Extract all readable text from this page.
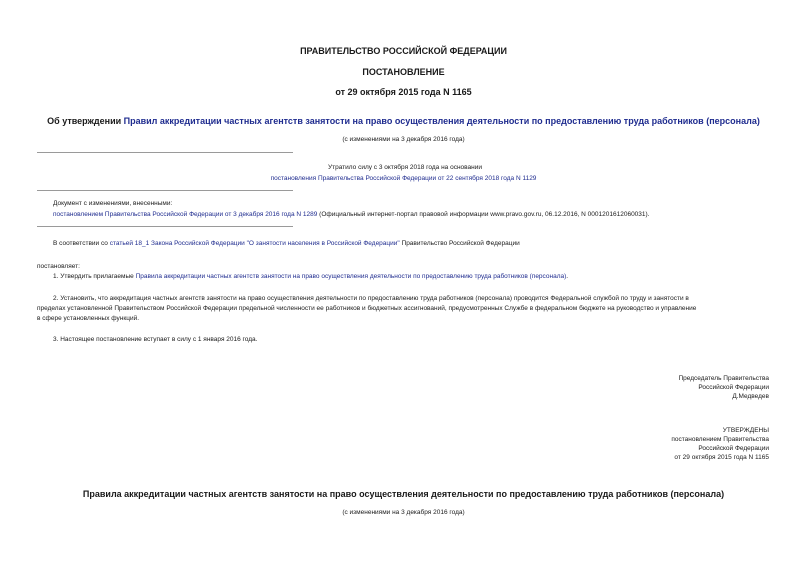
ПРАВИТЕЛЬСТВО РОССИЙСКОЙ ФЕДЕРАЦИИ
ПОСТАНОВЛЕНИЕ
от 29 октября 2015 года N 1165
Об утверждении Правил аккредитации частных агентств занятости на право осуществления деятельности по предоставлению труда работников (персонала)
(с изменениями на 3 декабря 2016 года)
Утратило силу с 3 октября 2018 года на основании
постановления Правительства Российской Федерации от 22 сентября 2018 года N 1129
Документ с изменениями, внесенными:
постановлением Правительства Российской Федерации от 3 декабря 2016 года N 1289 (Официальный интернет-портал правовой информации www.pravo.gov.ru, 06.12.2016, N 0001201612060031).
В соответствии со статьей 18_1 Закона Российской Федерации "О занятости населения в Российской Федерации" Правительство Российской Федерации
постановляет:
1. Утвердить прилагаемые Правила аккредитации частных агентств занятости на право осуществления деятельности по предоставлению труда работников (персонала).
2. Установить, что аккредитация частных агентств занятости на право осуществления деятельности по предоставлению труда работников (персонала) проводится Федеральной службой по труду и занятости в
пределах установленной Правительством Российской Федерации предельной численности ее работников и бюджетных ассигнований, предусмотренных Службе в федеральном бюджете на руководство и управление
в сфере установленных функций.
3. Настоящее постановление вступает в силу с 1 января 2016 года.

Председатель Правительства

Российской Федерации

Д.Медведев

УТВЕРЖДЕНЫ

постановлением Правительства

Российской Федерации

от 29 октября 2015 года N 1165

Правила аккредитации частных агентств занятости на право осуществления деятельности по предоставлению труда работников (персонала)
(с изменениями на 3 декабря 2016 года)
